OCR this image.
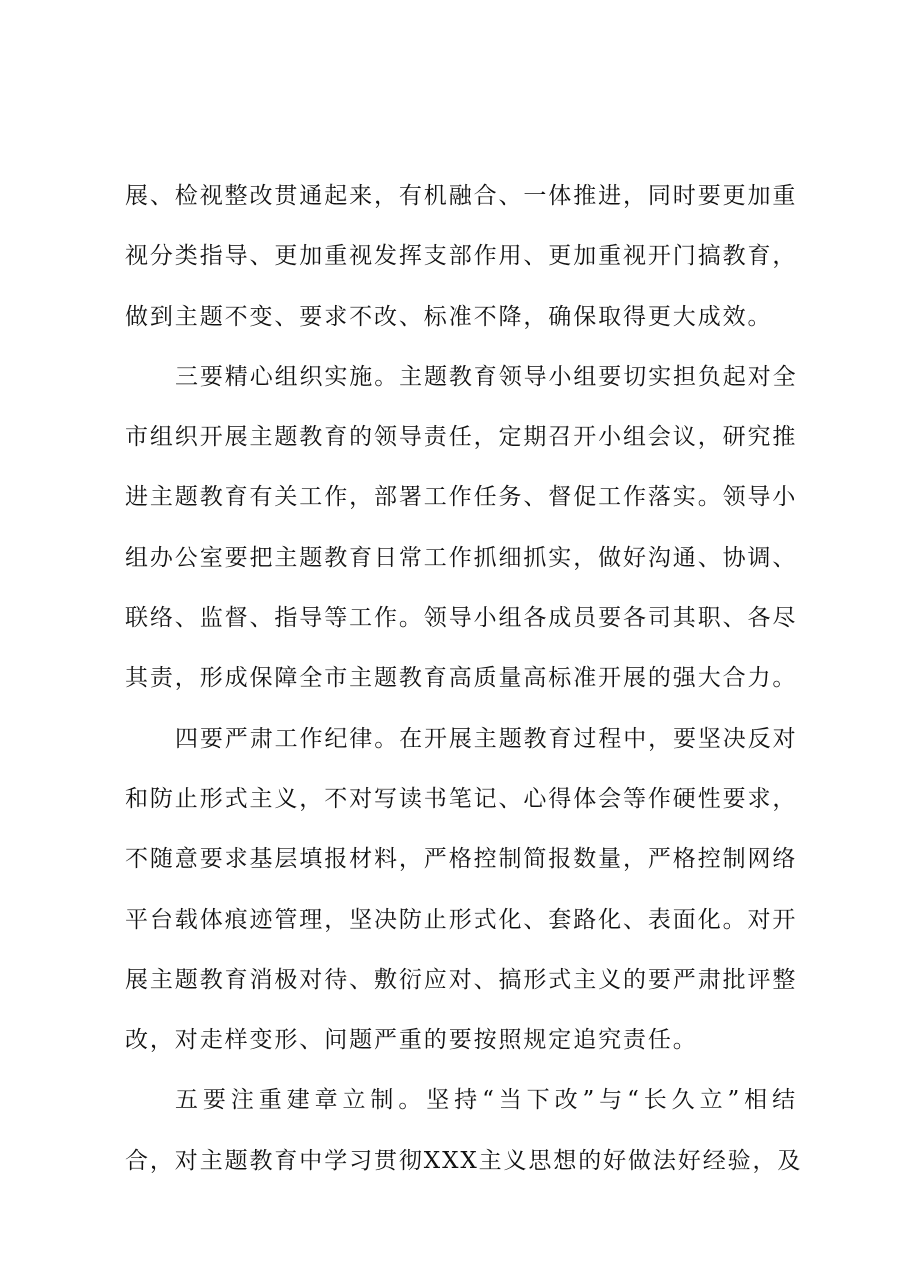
展、检视整改贯通起来，有机融合、一体推进，同时要更加重
视分类指导、更加重视发挥支部作用、更加重视开门搞教育，
做到主题不变、要求不改、标准不降，确保取得更大成效。
三要精心组织实施。主题教育领导小组要切实担负起对全
市组织开展主题教育的领导责任，定期召开小组会议，研究推
进主题教育有关工作，部署工作任务、督促工作落实。领导小
组办公室要把主题教育日常工作抓细抓实，做好沟通、协调、
联络、监督、指导等工作。领导小组各成员要各司其职、各尽
其责，形成保障全市主题教育高质量高标准开展的强大合力。
四要严肃工作纪律。在开展主题教育过程中，要坚决反对
和防止形式主义，不对写读书笔记、心得体会等作硬性要求，
不随意要求基层填报材料，严格控制简报数量，严格控制网络
平台载体痕迹管理，坚决防止形式化、套路化、表面化。对开
展主题教育消极对待、敷衍应对、搞形式主义的要严肃批评整
改，对走样变形、问题严重的要按照规定追究责任。
五要注重建章立制。坚持“当下改”与“长久立”相结
合，对主题教育中学习贯彻XXX主义思想的好做法好经验，及
